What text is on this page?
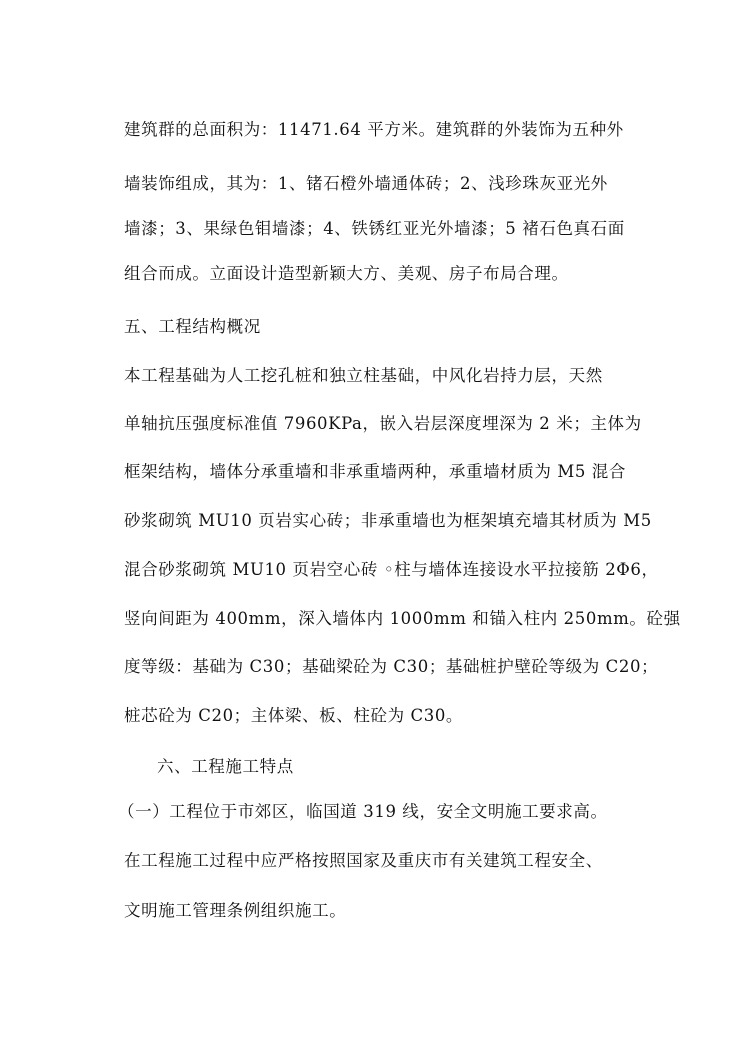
建筑群的总面积为：11471.64 平方米。建筑群的外装饰为五种外
墙装饰组成，其为：1、锗石橙外墙通体砖；2、浅珍珠灰亚光外
墙漆；3、果绿色钼墙漆；4、铁锈红亚光外墙漆；5 褚石色真石面
组合而成。立面设计造型新颖大方、美观、房子布局合理。
五、工程结构概况
本工程基础为人工挖孔桩和独立柱基础，中风化岩持力层，天然
单轴抗压强度标准值 7960KPa，嵌入岩层深度埋深为 2 米；主体为
框架结构，墙体分承重墙和非承重墙两种，承重墙材质为 M5 混合
砂浆砌筑 MU10 页岩实心砖；非承重墙也为框架填充墙其材质为 M5
混合砂浆砌筑 MU10 页岩空心砖 ◦柱与墙体连接设水平拉接筋 2Φ6，
竖向间距为 400mm，深入墙体内 1000mm 和锚入柱内 250mm。砼强
度等级：基础为 C30；基础梁砼为 C30；基础桩护壁砼等级为 C20；
桩芯砼为 C20；主体梁、板、柱砼为 C30。
六、工程施工特点
（一）工程位于市郊区，临国道 319 线，安全文明施工要求高。
在工程施工过程中应严格按照国家及重庆市有关建筑工程安全、
文明施工管理条例组织施工。
